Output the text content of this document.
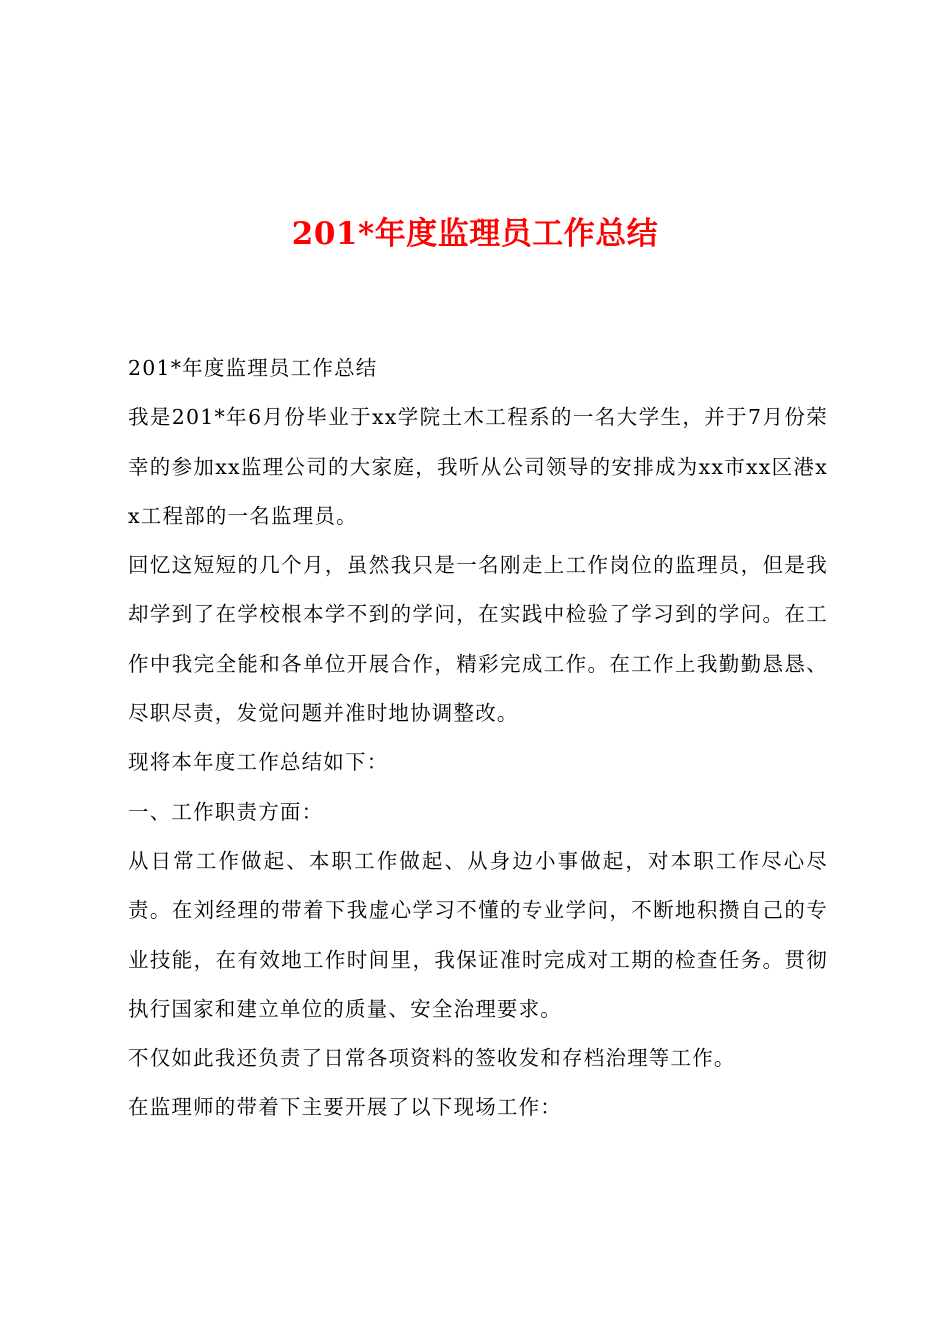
201*年度监理员工作总结

201*年度监理员工作总结

我是201*年6月份毕业于xx学院土木工程系的一名大学生，并于7月份荣幸的参加xx监理公司的大家庭，我听从公司领导的安排成为xx市xx区港xx工程部的一名监理员。

回忆这短短的几个月，虽然我只是一名刚走上工作岗位的监理员，但是我却学到了在学校根本学不到的学问，在实践中检验了学习到的学问。在工作中我完全能和各单位开展合作，精彩完成工作。在工作上我勤勤恳恳、尽职尽责，发觉问题并准时地协调整改。

现将本年度工作总结如下：

一、工作职责方面：

从日常工作做起、本职工作做起、从身边小事做起，对本职工作尽心尽责。在刘经理的带着下我虚心学习不懂的专业学问，不断地积攒自己的专业技能，在有效地工作时间里，我保证准时完成对工期的检查任务。贯彻执行国家和建立单位的质量、安全治理要求。

不仅如此我还负责了日常各项资料的签收发和存档治理等工作。

在监理师的带着下主要开展了以下现场工作：
